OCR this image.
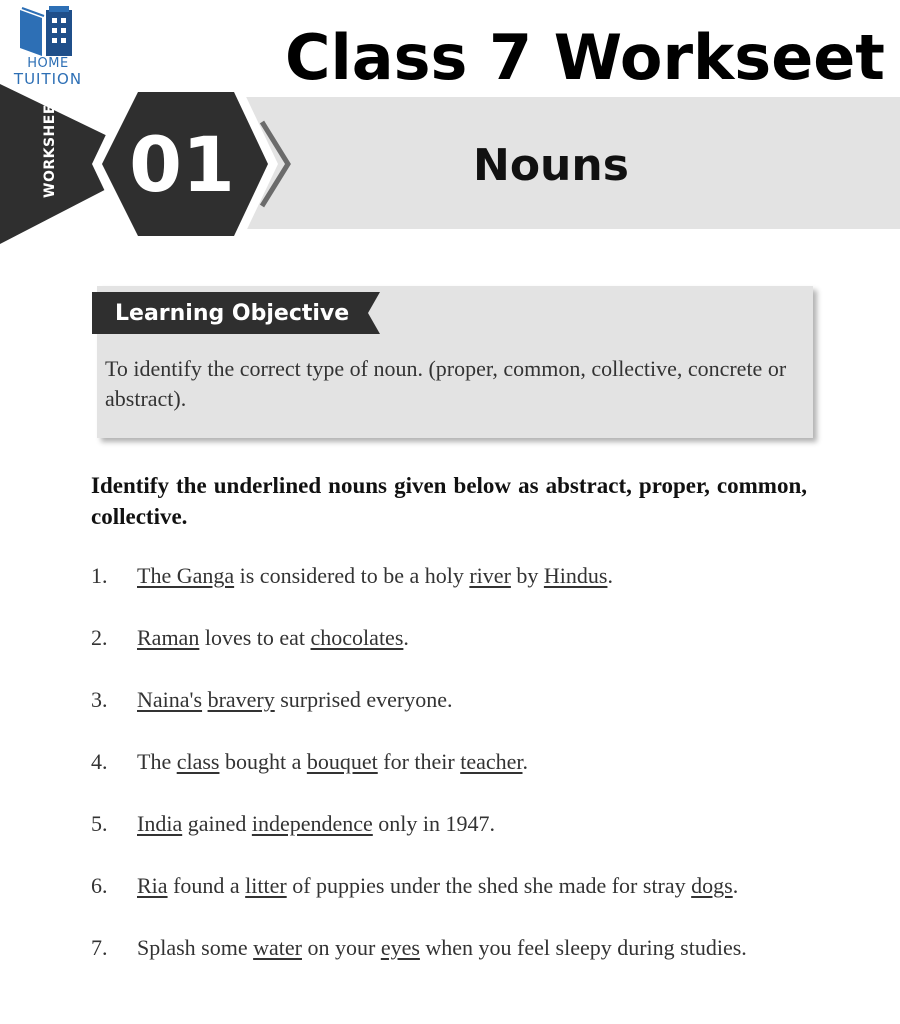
HOME
TUITION	Class 7 Workseet
WORKSHEET 01	Nouns
Learning Objective
To identify the correct type of noun. (proper, common, collective, concrete or abstract).
Identify the underlined nouns given below as abstract, proper, common, collective.
1. The Ganga is considered to be a holy river by Hindus.
2. Raman loves to eat chocolates.
3. Naina's bravery surprised everyone.
4. The class bought a bouquet for their teacher.
5. India gained independence only in 1947.
6. Ria found a litter of puppies under the shed she made for stray dogs.
7. Splash some water on your eyes when you feel sleepy during studies.
